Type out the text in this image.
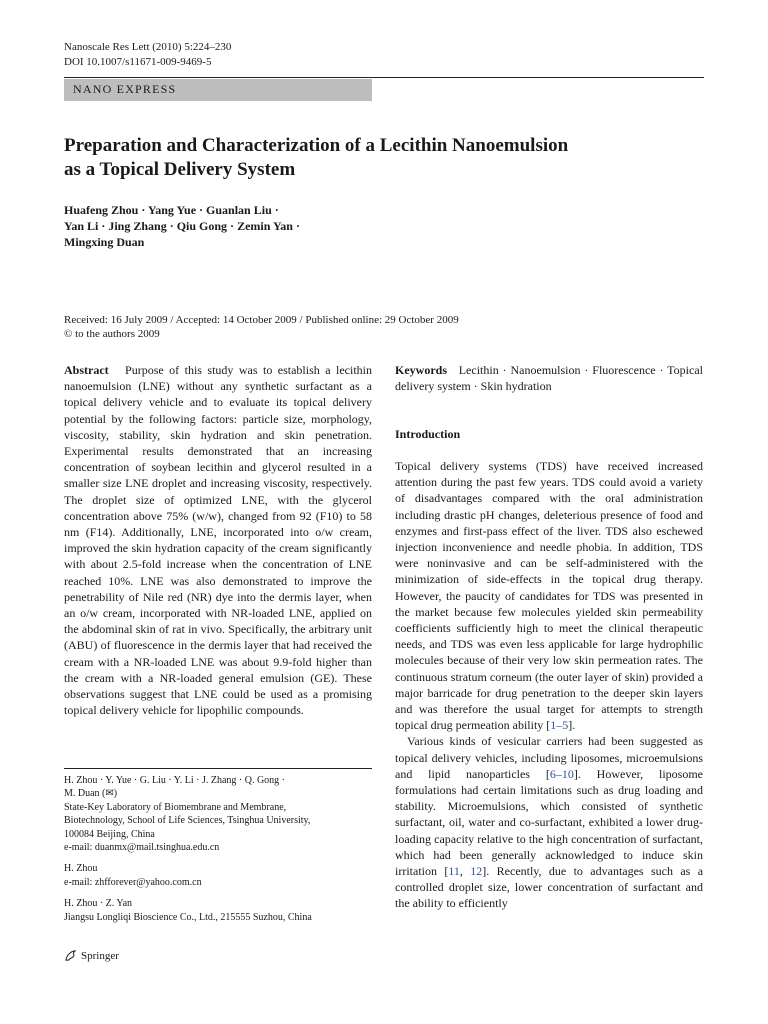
Nanoscale Res Lett (2010) 5:224–230
DOI 10.1007/s11671-009-9469-5
NANO EXPRESS
Preparation and Characterization of a Lecithin Nanoemulsion
as a Topical Delivery System
Huafeng Zhou · Yang Yue · Guanlan Liu ·
Yan Li · Jing Zhang · Qiu Gong · Zemin Yan ·
Mingxing Duan
Received: 16 July 2009 / Accepted: 14 October 2009 / Published online: 29 October 2009
© to the authors 2009

Abstract Purpose of this study was to establish a lecithin nanoemulsion (LNE) without any synthetic surfactant as a topical delivery vehicle and to evaluate its topical delivery potential by the following factors: particle size, morphology, viscosity, stability, skin hydration and skin penetration. Experimental results demonstrated that an increasing concentration of soybean lecithin and glycerol resulted in a smaller size LNE droplet and increasing viscosity, respectively. The droplet size of optimized LNE, with the glycerol concentration above 75% (w/w), changed from 92 (F10) to 58 nm (F14). Additionally, LNE, incorporated into o/w cream, improved the skin hydration capacity of the cream significantly with about 2.5-fold increase when the concentration of LNE reached 10%. LNE was also demonstrated to improve the penetrability of Nile red (NR) dye into the dermis layer, when an o/w cream, incorporated with NR-loaded LNE, applied on the abdominal skin of rat in vivo. Specifically, the arbitrary unit (ABU) of fluorescence in the dermis layer that had received the cream with a NR-loaded LNE was about 9.9-fold higher than the cream with a NR-loaded general emulsion (GE). These observations suggest that LNE could be used as a promising topical delivery vehicle for lipophilic compounds.

H. Zhou · Y. Yue · G. Liu · Y. Li · J. Zhang · Q. Gong ·

M. Duan (✉)

State-Key Laboratory of Biomembrane and Membrane,

Biotechnology, School of Life Sciences, Tsinghua University,

100084 Beijing, China

e-mail: duanmx@mail.tsinghua.edu.cn

H. Zhou

e-mail: zhfforever@yahoo.com.cn

H. Zhou · Z. Yan

Jiangsu Longliqi Bioscience Co., Ltd., 215555 Suzhou, China

Keywords Lecithin · Nanoemulsion · Fluorescence · Topical delivery system · Skin hydration

Introduction

Topical delivery systems (TDS) have received increased attention during the past few years. TDS could avoid a variety of disadvantages compared with the oral administration including drastic pH changes, deleterious presence of food and enzymes and first-pass effect of the liver. TDS also eschewed injection inconvenience and needle phobia. In addition, TDS were noninvasive and can be self-administered with the minimization of side-effects in the topical drug therapy. However, the paucity of candidates for TDS was presented in the market because few molecules yielded skin permeability coefficients sufficiently high to meet the clinical therapeutic needs, and TDS was even less applicable for large hydrophilic molecules because of their very low skin permeation rates. The continuous stratum corneum (the outer layer of skin) provided a major barricade for drug penetration to the deeper skin layers and was therefore the usual target for attempts to strength topical drug permeation ability [1–5].

Various kinds of vesicular carriers had been suggested as topical delivery vehicles, including liposomes, microemulsions and lipid nanoparticles [6–10]. However, liposome formulations had certain limitations such as drug loading and stability. Microemulsions, which consisted of synthetic surfactant, oil, water and co-surfactant, exhibited a lower drug-loading capacity relative to the high concentration of surfactant, which had been generally acknowledged to induce skin irritation [11, 12]. Recently, due to advantages such as a controlled droplet size, lower concentration of surfactant and the ability to efficiently

Springer
